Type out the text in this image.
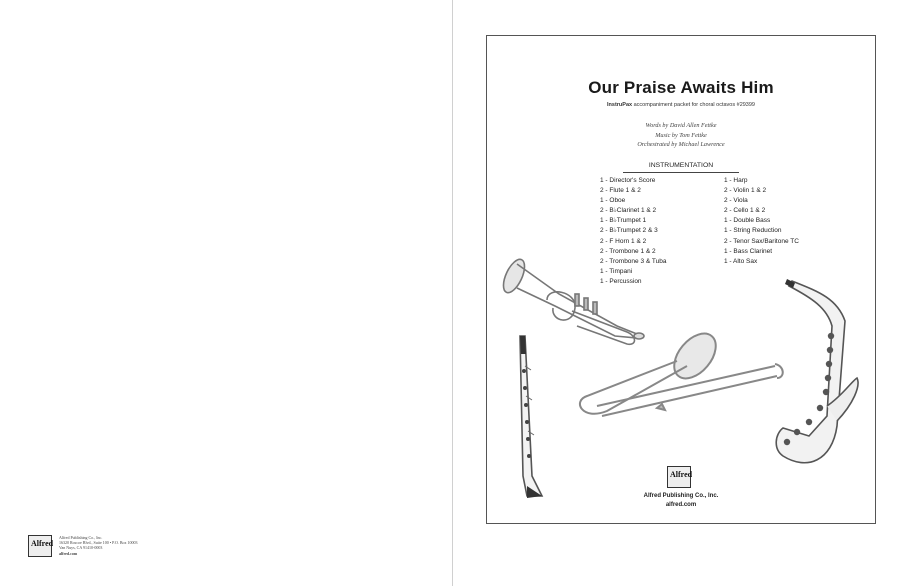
Alfred
Alfred Publishing Co., Inc.
16320 Roscoe Blvd., Suite 100 • P.O. Box 10003
Van Nuys, CA 91410-0003
alfred.com
Our Praise Awaits Him
InstruPax accompaniment packet for choral octavos #29399
Words by David Allen Fettke
Music by Tom Fettke
Orchestrated by Michael Lawrence
INSTRUMENTATION
1 - Director's Score
2 - Flute 1 & 2
1 - Oboe
2 - B♭Clarinet 1 & 2
1 - B♭Trumpet 1
2 - B♭Trumpet 2 & 3
2 - F Horn 1 & 2
2 - Trombone 1 & 2
2 - Trombone 3 & Tuba
1 - Timpani
1 - Percussion
1 - Harp
2 - Violin 1 & 2
2 - Viola
2 - Cello 1 & 2
1 - Double Bass
1 - String Reduction
2 - Tenor Sax/Baritone TC
1 - Bass Clarinet
1 - Alto Sax
Alfred
Alfred Publishing Co., Inc.
alfred.com
